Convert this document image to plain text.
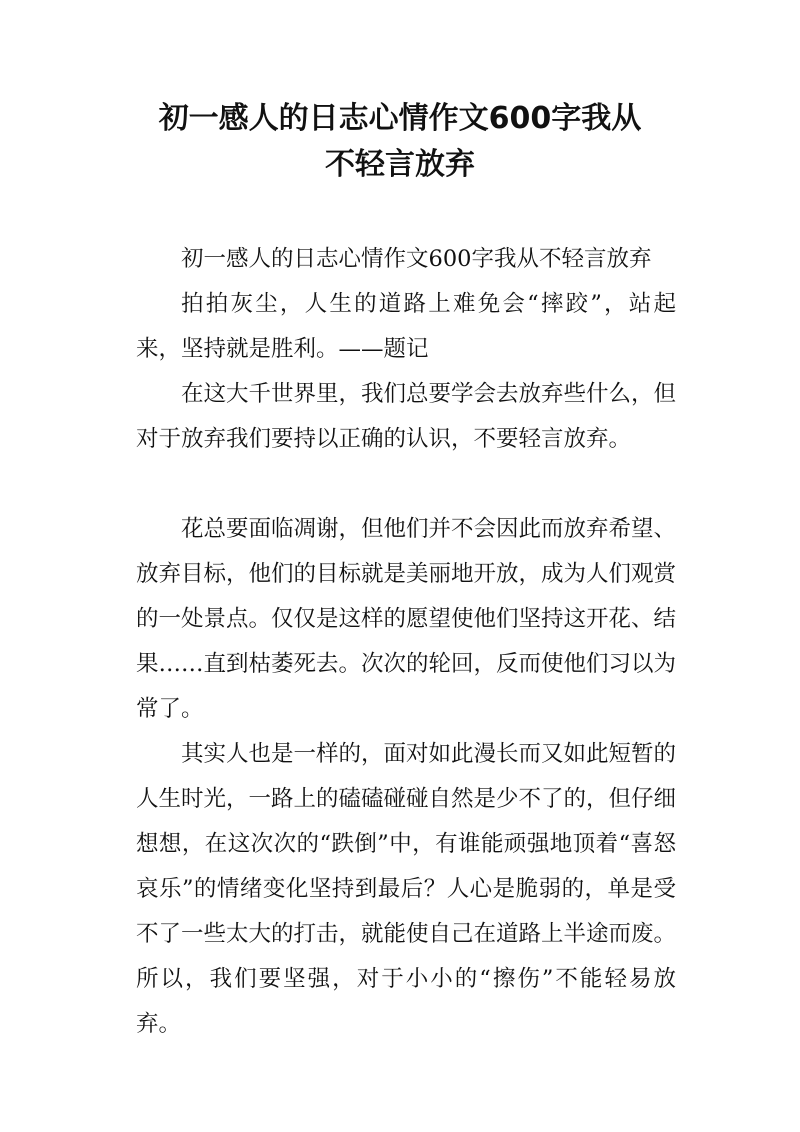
初一感人的日志心情作文600字我从
不轻言放弃

初一感人的日志心情作文600字我从不轻言放弃

拍拍灰尘，人生的道路上难免会“摔跤”，站起来，坚持就是胜利。——题记

在这大千世界里，我们总要学会去放弃些什么，但对于放弃我们要持以正确的认识，不要轻言放弃。

花总要面临凋谢，但他们并不会因此而放弃希望、放弃目标，他们的目标就是美丽地开放，成为人们观赏的一处景点。仅仅是这样的愿望使他们坚持这开花、结果……直到枯萎死去。次次的轮回，反而使他们习以为常了。

其实人也是一样的，面对如此漫长而又如此短暂的人生时光，一路上的磕磕碰碰自然是少不了的，但仔细想想，在这次次的“跌倒”中，有谁能顽强地顶着“喜怒哀乐”的情绪变化坚持到最后？人心是脆弱的，单是受不了一些太大的打击，就能使自己在道路上半途而废。所以，我们要坚强，对于小小的“擦伤”不能轻易放弃。
